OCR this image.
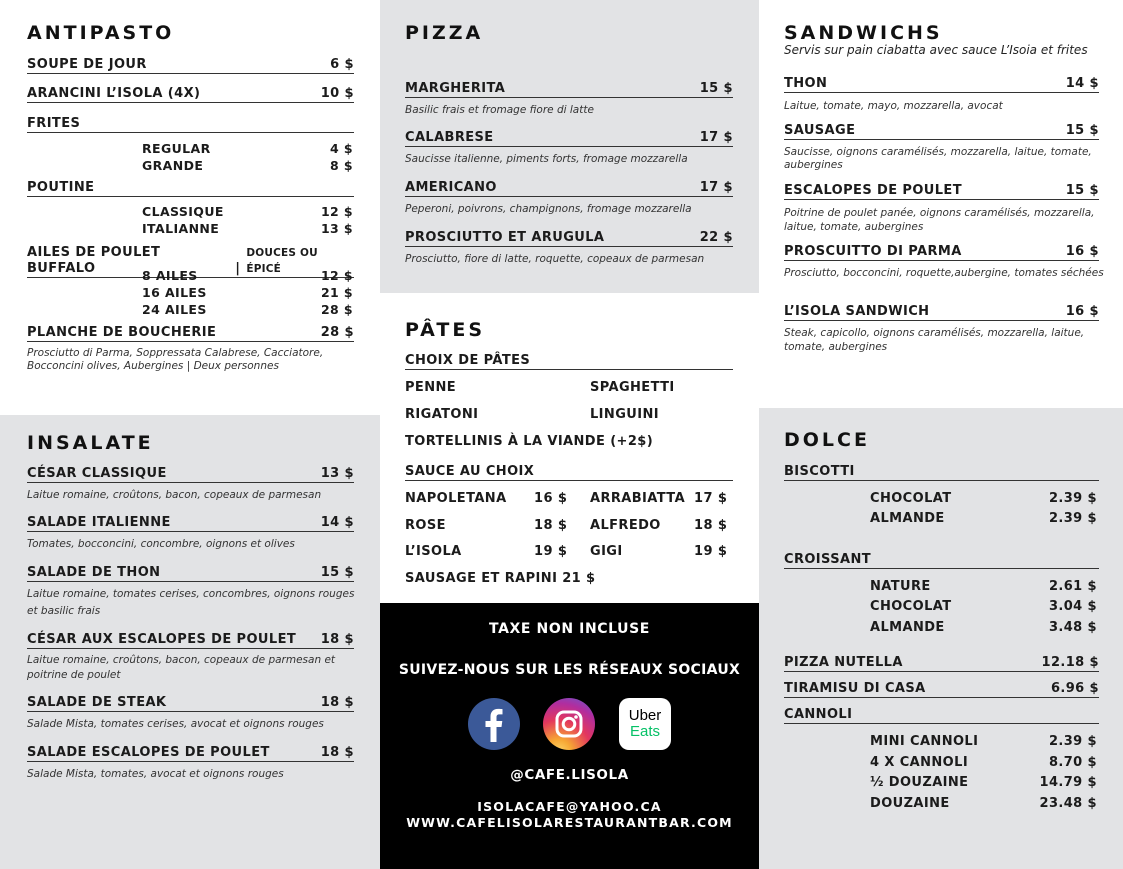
ANTIPASTO
SOUPE DE JOUR	6 $
ARANCINI L’ISOLA (4X)	10 $
FRITES
REGULAR	4 $
GRANDE	8 $
POUTINE
CLASSIQUE	12 $
ITALIANNE	13 $
AILES DE POULET BUFFALO	|
DOUCES OU ÉPICÉ
8 AILES	12 $
16 AILES	21 $
24 AILES	28 $
PLANCHE DE BOUCHERIE	28 $
Prosciutto di Parma, Soppressata Calabrese, Cacciatore, Bocconcini olives, Aubergines | Deux personnes
INSALATE
CÉSAR CLASSIQUE	13 $
Laitue romaine, croûtons, bacon, copeaux de parmesan
SALADE ITALIENNE	14 $
Tomates, bocconcini, concombre, oignons et olives
SALADE DE THON	15 $
Laitue romaine, tomates cerises, concombres, oignons rouges et basilic frais
CÉSAR AUX ESCALOPES DE POULET 18 $
Laitue romaine, croûtons, bacon, copeaux de parmesan et poitrine de poulet
SALADE DE STEAK	18 $
Salade Mista, tomates cerises, avocat et oignons rouges
SALADE ESCALOPES DE POULET	18 $
Salade Mista, tomates, avocat et oignons rouges
PIZZA
MARGHERITA	15 $
Basilic frais et fromage fiore di latte
CALABRESE	17 $
Saucisse italienne, piments forts, fromage mozzarella
AMERICANO	17 $
Peperoni, poivrons, champignons, fromage mozzarella
PROSCIUTTO ET ARUGULA	22 $
Prosciutto, fiore di latte, roquette, copeaux de parmesan
PÂTES
CHOIX DE PÂTES
PENNE	SPAGHETTI
RIGATONI	LINGUINI
TORTELLINIS À LA VIANDE (+2$)
SAUCE AU CHOIX
NAPOLETANA 16 $ ARRABIATTA 17 $
ROSE	18 $ ALFREDO	18 $
L’ISOLA	19 $ GIGI	19 $
SAUSAGE ET RAPINI 21 $
TAXE NON INCLUSE
SUIVEZ-NOUS SUR LES RÉSEAUX SOCIAUX
Uber
Eats
@CAFE.LISOLA
ISOLACAFE@YAHOO.CA
WWW.CAFELISOLARESTAURANTBAR.COM
SANDWICHS
Servis sur pain ciabatta avec sauce L’Isoia et frites
THON	14 $
Laitue, tomate, mayo, mozzarella, avocat
SAUSAGE	15 $
Saucisse, oignons caramélisés, mozzarella, laitue, tomate, aubergines
ESCALOPES DE POULET	15 $
Poitrine de poulet panée, oignons caramélisés, mozzarella, laitue, tomate, aubergines
PROSCUITTO DI PARMA	16 $
Prosciutto, bocconcini, roquette,aubergine, tomates séchées
L’ISOLA SANDWICH	16 $
Steak, capicollo, oignons caramélisés, mozzarella, laitue, tomate, aubergines
DOLCE
BISCOTTI
CHOCOLAT	2.39 $
ALMANDE	2.39 $
CROISSANT
NATURE	2.61 $
CHOCOLAT	3.04 $
ALMANDE	3.48 $
PIZZA NUTELLA	12.18 $
TIRAMISU DI CASA	6.96 $
CANNOLI
MINI CANNOLI	2.39 $
4 X CANNOLI	8.70 $
½ DOUZAINE	14.79 $
DOUZAINE	23.48 $
